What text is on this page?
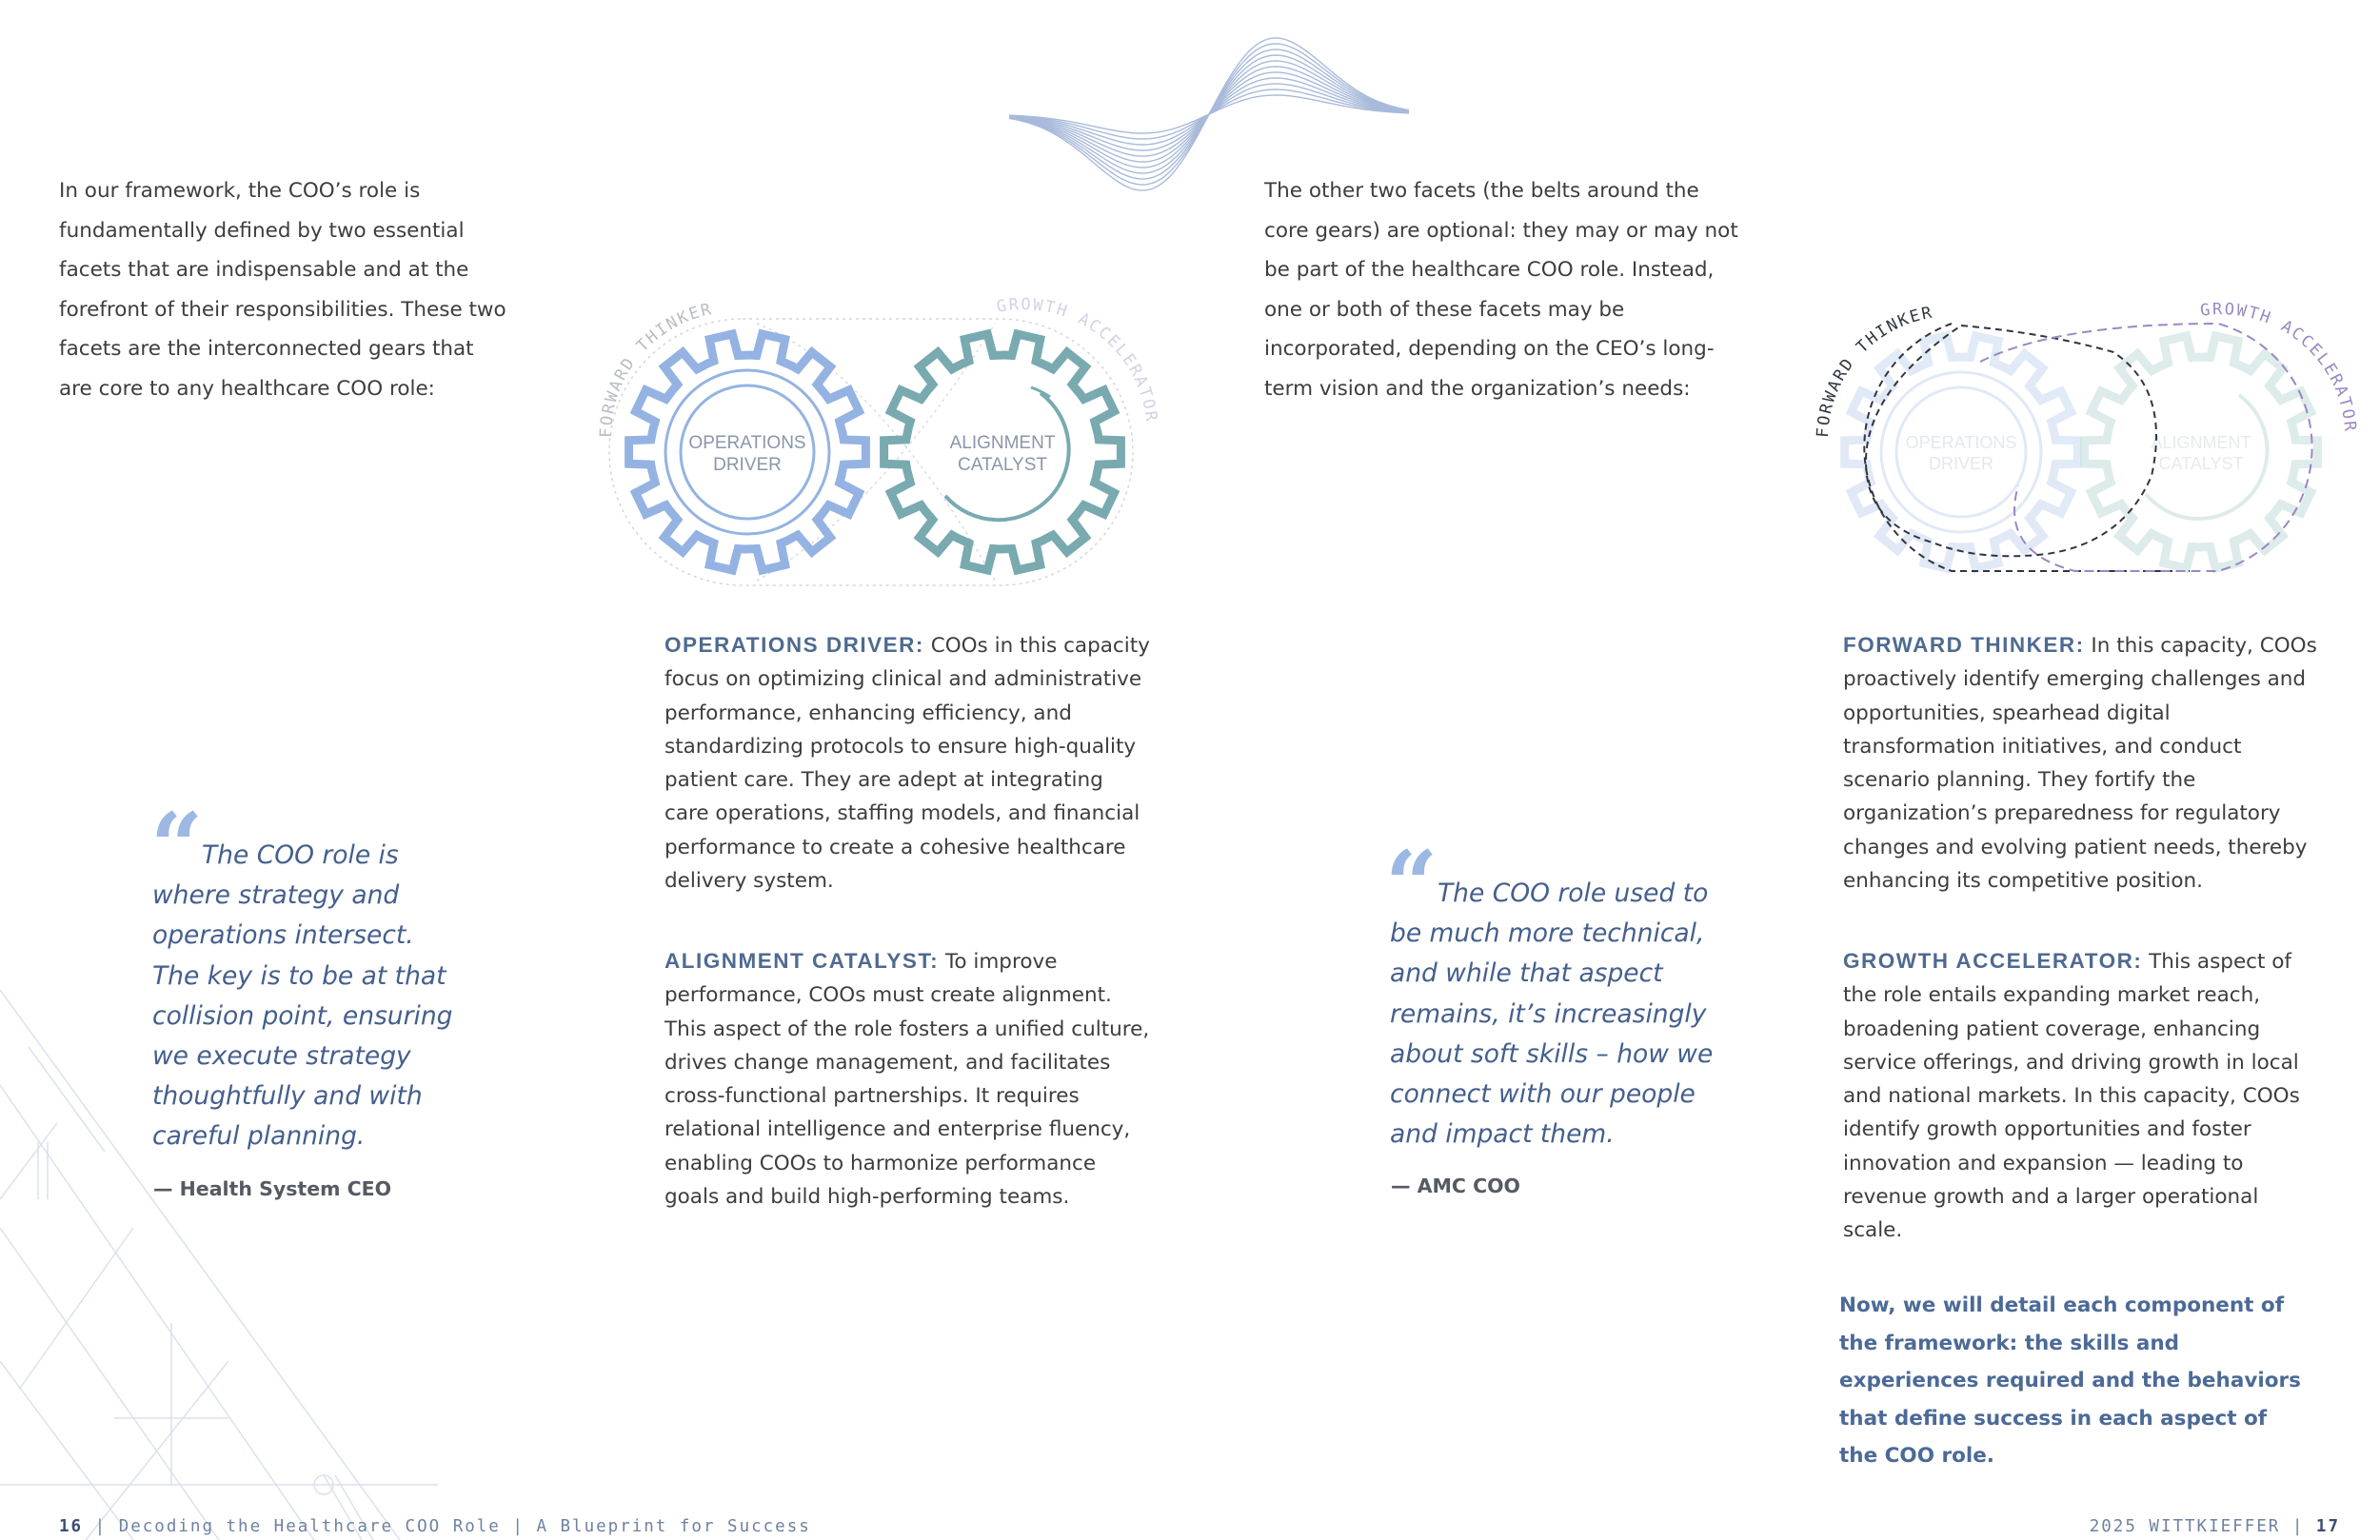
In our framework, the COO’s role is fundamentally defined by two essential facets that are indispensable and at the forefront of their responsibilities. These two facets are the interconnected gears that are core to any healthcare COO role:

OPERATIONS
DRIVER
ALIGNMENT
CATALYST
FORWARD THINKER	GROWTH ACCELERATOR
OPERATIONS DRIVER: COOs in this capacity focus on optimizing clinical and administrative performance, enhancing efficiency, and standardizing protocols to ensure high-quality patient care. They are adept at integrating care operations, staffing models, and financial performance to create a cohesive healthcare delivery system.
ALIGNMENT CATALYST: To improve performance, COOs must create alignment. This aspect of the role fosters a unified culture, drives change management, and facilitates cross-functional partnerships. It requires relational intelligence and enterprise fluency, enabling COOs to harmonize performance goals and build high-performing teams.
“

The COO role is where strategy and operations intersect. The key is to be at that collision point, ensuring we execute strategy thoughtfully and with careful planning.

— Health System CEO
16 | Decoding the Healthcare COO Role | A Blueprint for Success

The other two facets (the belts around the core gears) are optional: they may or may not be part of the healthcare COO role. Instead, one or both of these facets may be incorporated, depending on the CEO’s long-term vision and the organization’s needs:

OPERATIONS
DRIVER
ALIGNMENT
CATALYST
FORWARD THINKER	GROWTH ACCELERATOR
FORWARD THINKER: In this capacity, COOs proactively identify emerging challenges and opportunities, spearhead digital transformation initiatives, and conduct scenario planning. They fortify the organization’s preparedness for regulatory changes and evolving patient needs, thereby enhancing its competitive position.
GROWTH ACCELERATOR: This aspect of the role entails expanding market reach, broadening patient coverage, enhancing service offerings, and driving growth in local and national markets. In this capacity, COOs identify growth opportunities and foster innovation and expansion — leading to revenue growth and a larger operational scale.

Now, we will detail each component of the framework: the skills and experiences required and the behaviors that define success in each aspect of the COO role.

“ The COO role used to be much more technical, and while that aspect remains, it’s increasingly about soft skills – how we connect with our people and impact them.

— AMC COO
2025 WITTKIEFFER | 17
